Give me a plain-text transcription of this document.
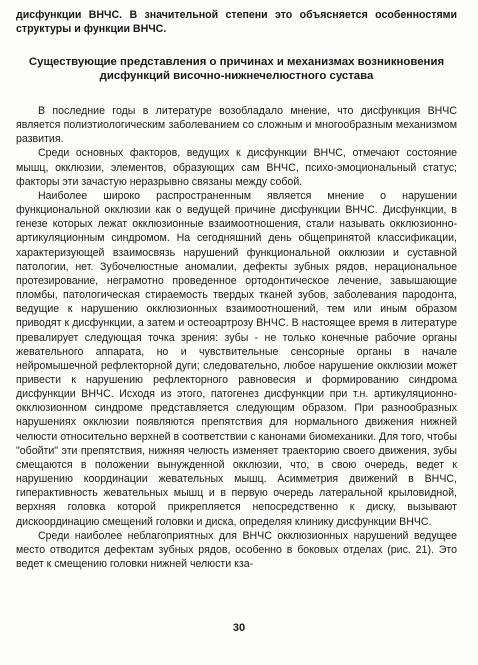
дисфункции ВНЧС. В значительной степени это объясняется особенностями структуры и функции ВНЧС.
Существующие представления о причинах и механизмах возникновения дисфункций височно-нижнечелюстного сустава

В последние годы в литературе возобладало мнение, что дисфункция ВНЧС является полиэтиологическим заболеванием со сложным и многообразным механизмом развития.

Среди основных факторов, ведущих к дисфункции ВНЧС, отмечают состояние мышц, окклюзии, элементов, образующих сам ВНЧС, психо-эмоциональный статус; факторы эти зачастую неразрывно связаны между собой.

Наиболее широко распространенным является мнение о нарушении функциональной окклюзии как о ведущей причине дисфункции ВНЧС. Дисфункции, в генезе которых лежат окклюзионные взаимоотношения, стали называть окклюзионно- артикуляционным синдромом. На сегодняшний день общепринятой классификации, характеризующей взаимосвязь нарушений функциональной окклюзии и суставной патологии, нет. Зубочелюстные аномалии, дефекты зубных рядов, нерациональное протезирование, неграмотно проведенное ортодонтическое лечение, завышающие пломбы, патологическая стираемость твердых тканей зубов, заболевания пародонта, ведущие к нарушению окклюзионных взаимоотношений, тем или иным образом приводят к дисфункции, а затем и остеоартрозу ВНЧС. В настоящее время в литературе превалирует следующая точка зрения: зубы - не только конечные рабочие органы жевательного аппарата, но и чувствительные сенсорные органы в начале нейромышечной рефлекторной дуги; следовательно, любое нарушение окклюзии может привести к нарушению рефлекторного равновесия и формированию синдрома дисфункции ВНЧС. Исходя из этого, патогенез дисфункции при т.н. артикуляционно-окклюзионном синдроме представляется следующим образом. При разнообразных нарушениях окклюзии появляются препятствия для нормального движения нижней челюсти относительно верхней в соответствии с канонами биомеханики. Для того, чтобы "обойти" эти препятствия, нижняя челюсть изменяет траекторию своего движения, зубы смещаются в положении вынужденной окклюзии, что, в свою очередь, ведет к нарушению координации жевательных мышц. Асимметрия движений в ВНЧС, гиперактивность жевательных мышц и в первую очередь латеральной крыловидной, верхняя головка которой прикрепляется непосредственно к диску, вызывают дискоординацию смещений головки и диска, определяя клинику дисфункции ВНЧС.

Среди наиболее неблагоприятных для ВНЧС окклюзионных нарушений ведущее место отводится дефектам зубных рядов, особенно в боковых отделах (рис. 21). Это ведет к смещению головки нижней челюсти кза-

30
